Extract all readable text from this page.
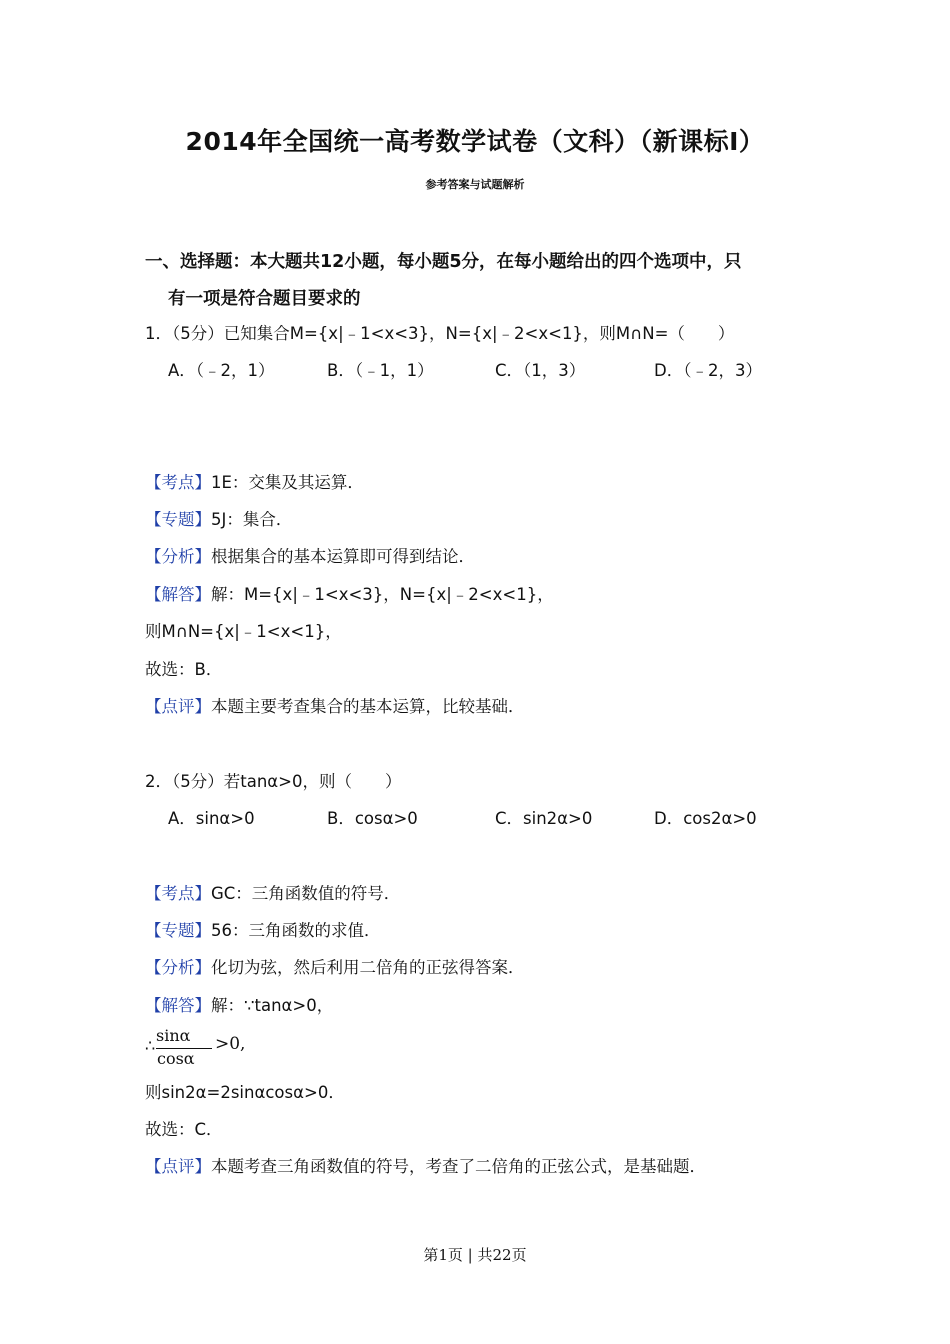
2014年全国统一高考数学试卷（文科）（新课标Ⅰ）
参考答案与试题解析
一、选择题：本大题共12小题，每小题5分，在每小题给出的四个选项中，只
有一项是符合题目要求的
1．（5分）已知集合M={x|﹣1<x<3}，N={x|﹣2<x<1}，则M∩N=（　　）
A．（﹣2，1）	B．（﹣1，1）	C．（1，3）	D．（﹣2，3）
【考点】1E：交集及其运算．
【专题】5J：集合．
【分析】根据集合的基本运算即可得到结论．
【解答】解：M={x|﹣1<x<3}，N={x|﹣2<x<1}，
则M∩N={x|﹣1<x<1}，
故选：B．
【点评】本题主要考查集合的基本运算，比较基础．
2．（5分）若tanα>0，则（　　）
A．sinα>0	B．cosα>0	C．sin2α>0	D．cos2α>0
【考点】GC：三角函数值的符号．
【专题】56：三角函数的求值．
【分析】化切为弦，然后利用二倍角的正弦得答案．
【解答】解：∵tanα>0，
∴
sinα
cosα
>0,
则sin2α=2sinαcosα>0．
故选：C．
【点评】本题考查三角函数值的符号，考查了二倍角的正弦公式，是基础题．
第1页 | 共22页
